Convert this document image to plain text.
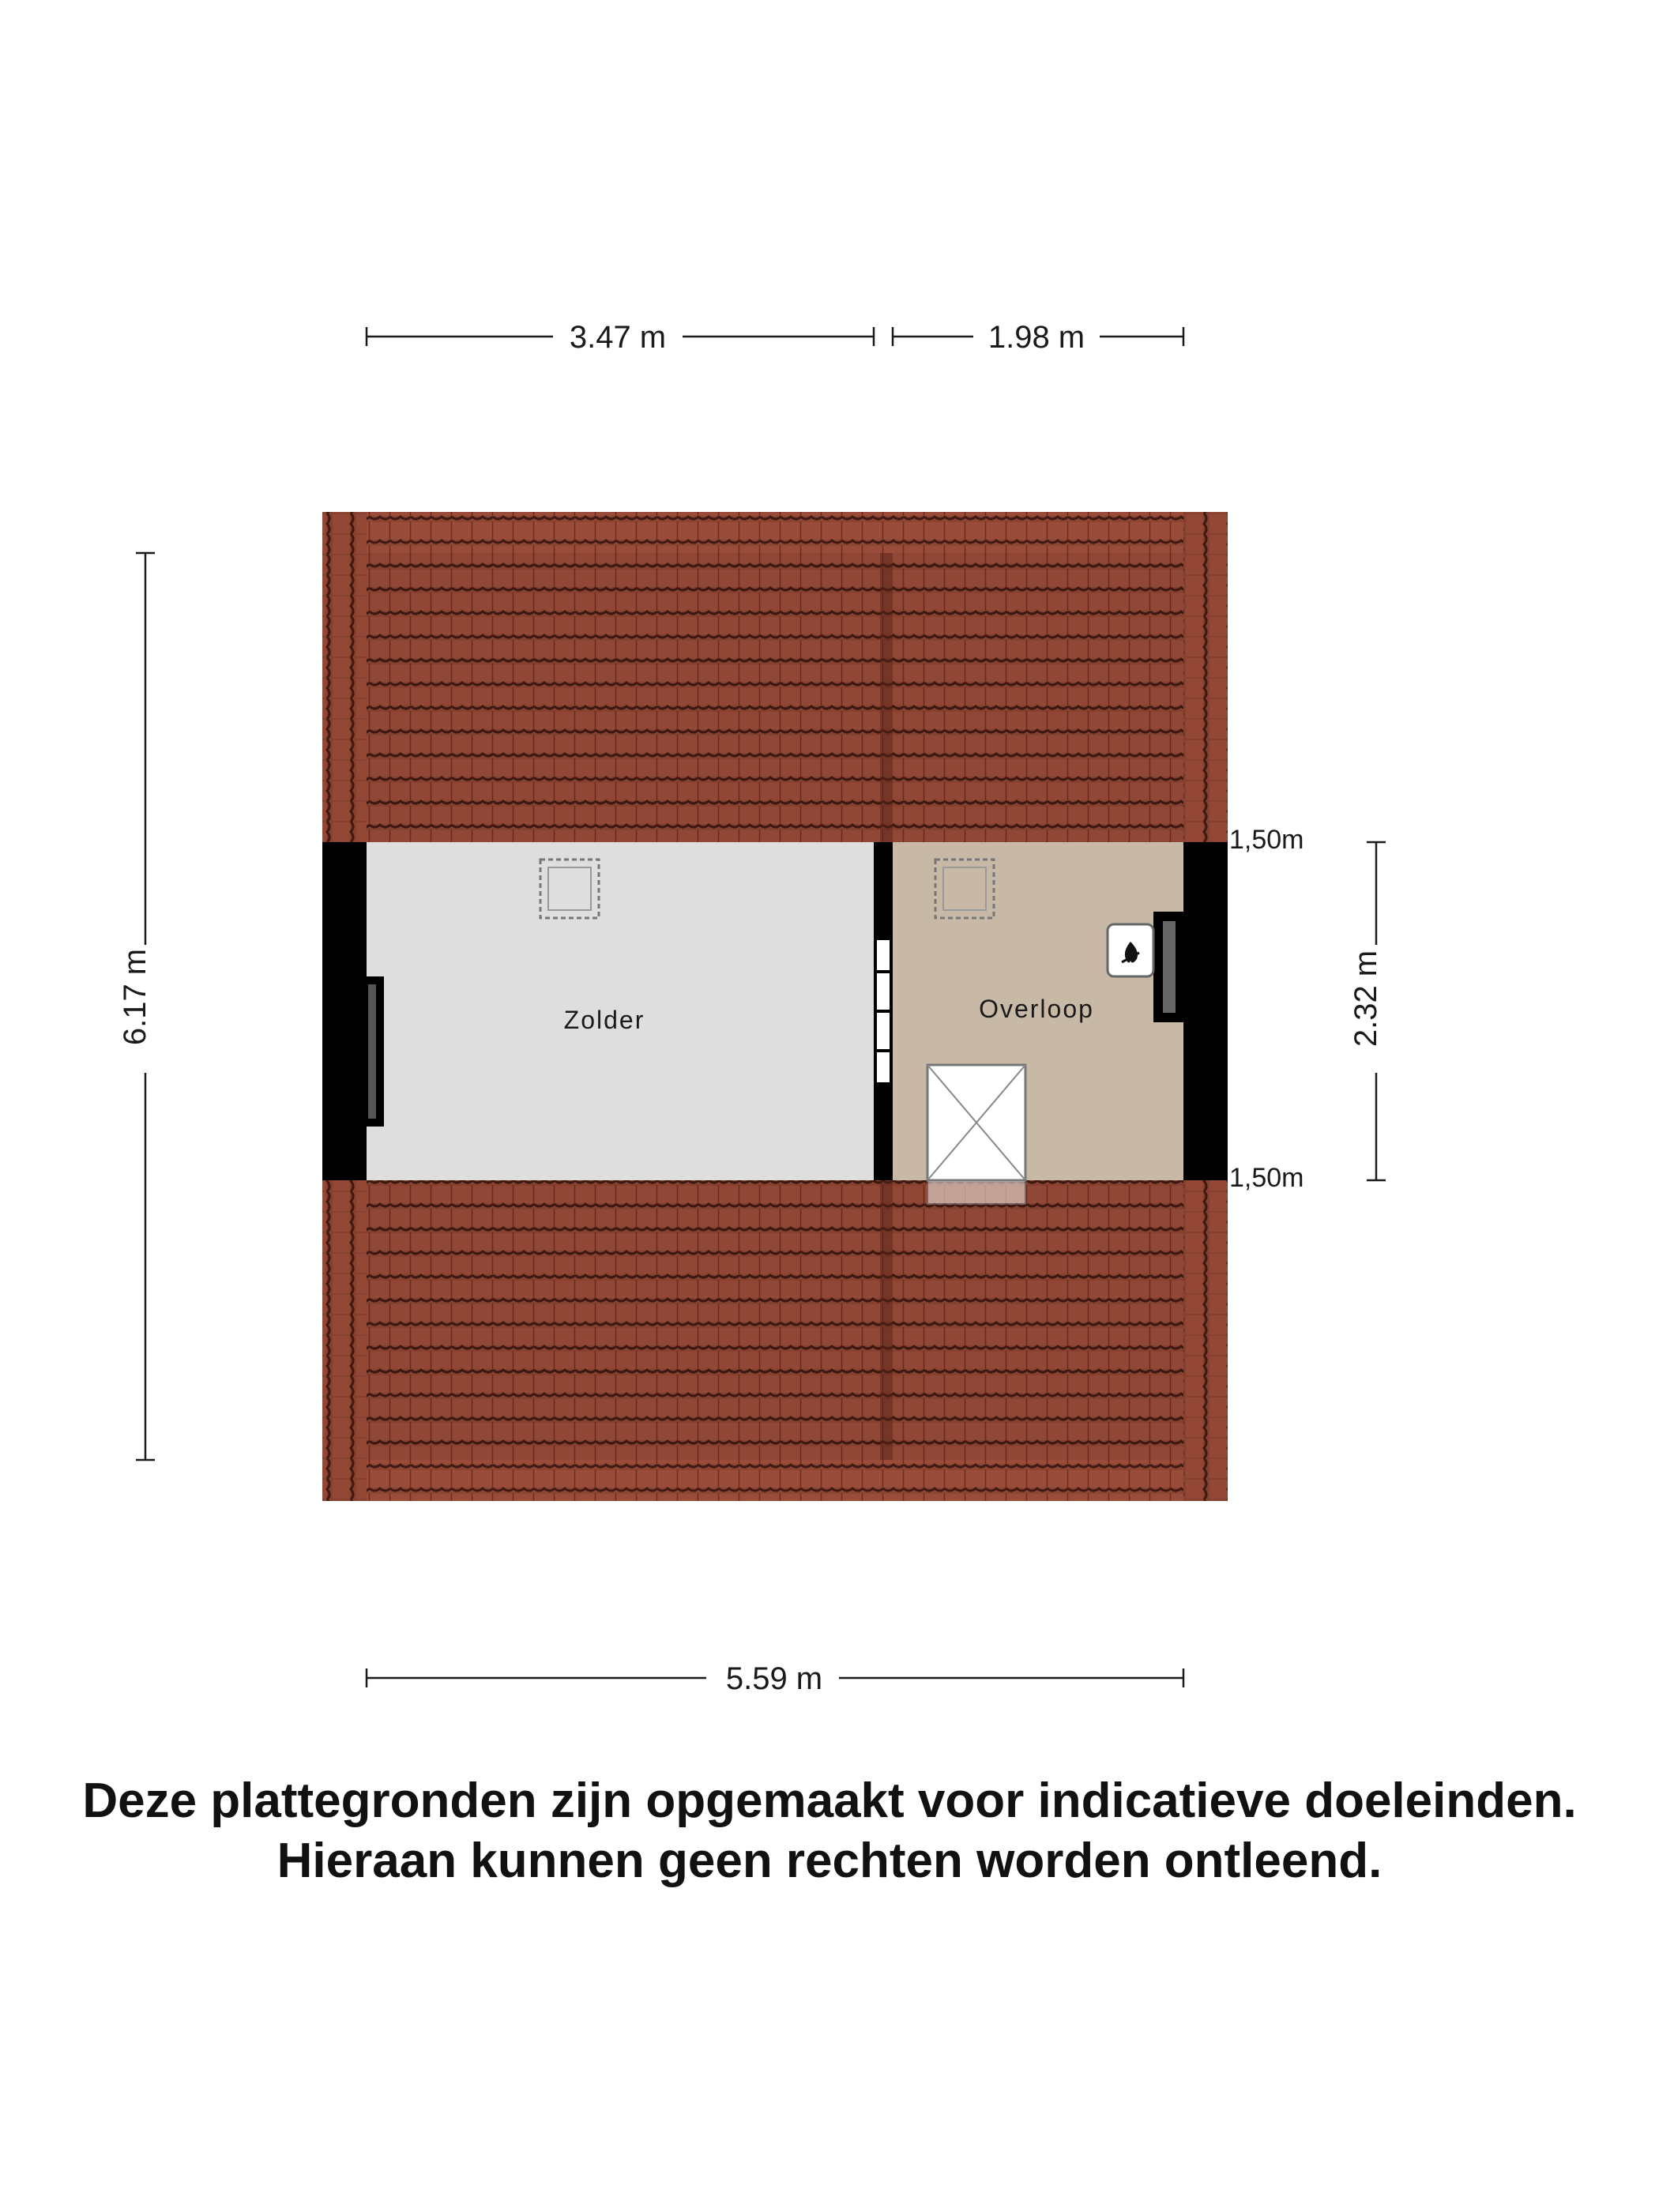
Zolder	Overloop
3.47 m	1.98 m
6.17 m	2.32 m
1,50m
1,50m
5.59 m
Deze plattegronden zijn opgemaakt voor indicatieve doeleinden.
Hieraan kunnen geen rechten worden ontleend.
